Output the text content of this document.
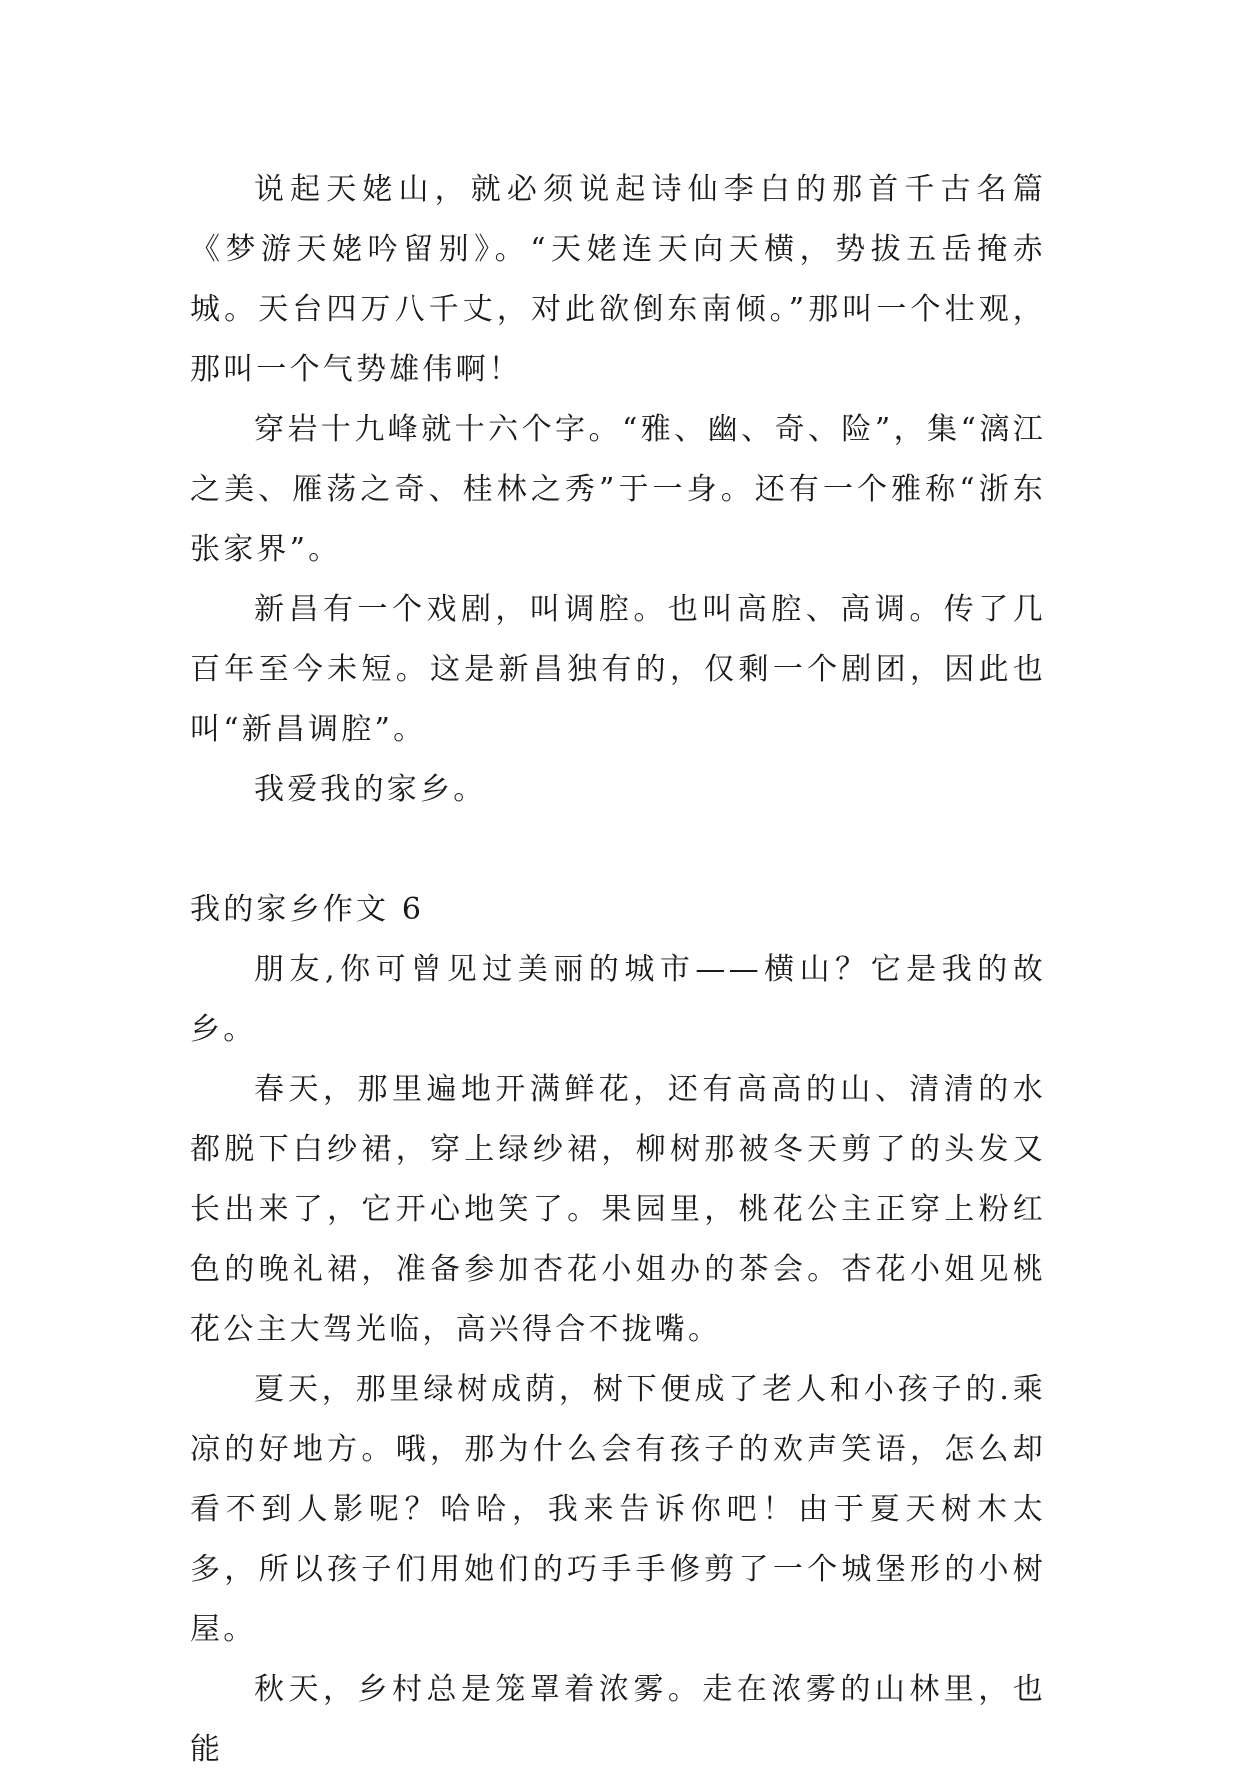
说起天姥山，就必须说起诗仙李白的那首千古名篇《梦游天姥吟留别》。“天姥连天向天横，势拔五岳掩赤城。天台四万八千丈，对此欲倒东南倾。”那叫一个壮观，那叫一个气势雄伟啊！

穿岩十九峰就十六个字。“雅、幽、奇、险”，集“漓江之美、雁荡之奇、桂林之秀”于一身。还有一个雅称“浙东张家界”。

新昌有一个戏剧，叫调腔。也叫高腔、高调。传了几百年至今未短。这是新昌独有的，仅剩一个剧团，因此也叫“新昌调腔”。

我爱我的家乡。

我的家乡作文 6

朋友,你可曾见过美丽的城市——横山？它是我的故乡。

春天，那里遍地开满鲜花，还有高高的山、清清的水都脱下白纱裙，穿上绿纱裙，柳树那被冬天剪了的头发又长出来了，它开心地笑了。果园里，桃花公主正穿上粉红色的晚礼裙，准备参加杏花小姐办的茶会。杏花小姐见桃花公主大驾光临，高兴得合不拢嘴。

夏天，那里绿树成荫，树下便成了老人和小孩子的.乘凉的好地方。哦，那为什么会有孩子的欢声笑语，怎么却看不到人影呢？哈哈，我来告诉你吧！由于夏天树木太多，所以孩子们用她们的巧手手修剪了一个城堡形的小树屋。

秋天，乡村总是笼罩着浓雾。走在浓雾的山林里，也能
